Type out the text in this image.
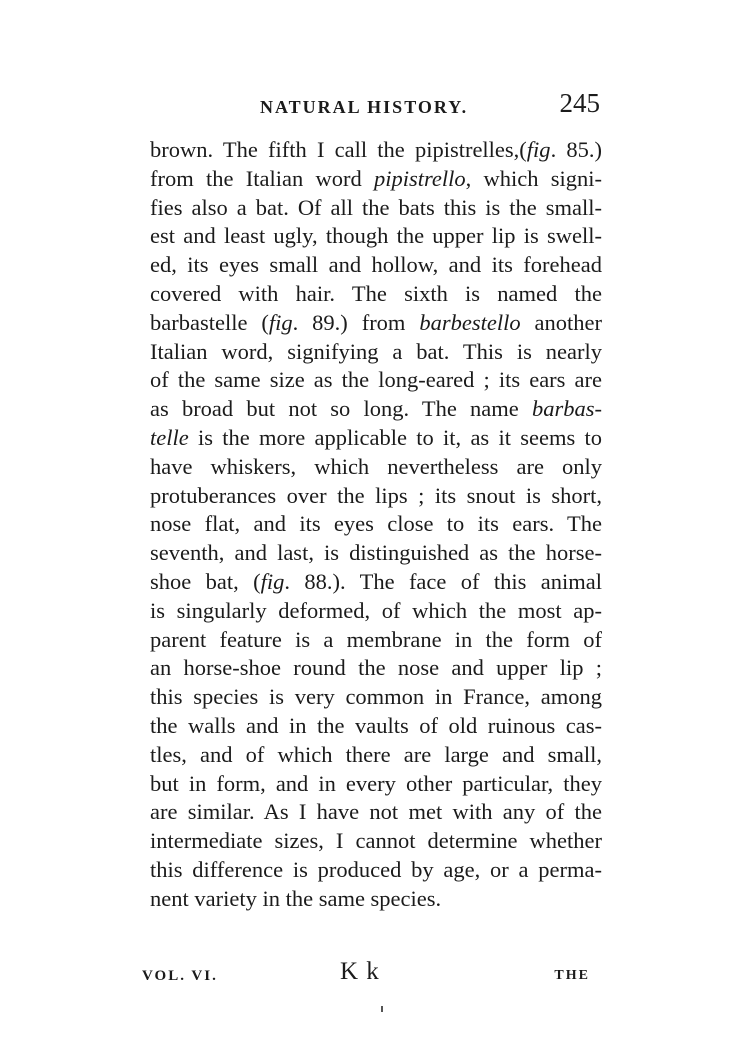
NATURAL HISTORY.	245
brown. The fifth I call the pipistrelles,(fig. 85.)
from the Italian word pipistrello, which signi-
fies also a bat. Of all the bats this is the small-
est and least ugly, though the upper lip is swell-
ed, its eyes small and hollow, and its forehead
covered with hair. The sixth is named the
barbastelle (fig. 89.) from barbestello another
Italian word, signifying a bat. This is nearly
of the same size as the long-eared ; its ears are
as broad but not so long. The name barbas-
telle is the more applicable to it, as it seems to
have whiskers, which nevertheless are only
protuberances over the lips ; its snout is short,
nose flat, and its eyes close to its ears. The
seventh, and last, is distinguished as the horse-
shoe bat, (fig. 88.). The face of this animal
is singularly deformed, of which the most ap-
parent feature is a membrane in the form of
an horse-shoe round the nose and upper lip ;
this species is very common in France, among
the walls and in the vaults of old ruinous cas-
tles, and of which there are large and small,
but in form, and in every other particular, they
are similar. As I have not met with any of the
intermediate sizes, I cannot determine whether
this difference is produced by age, or a perma-
nent variety in the same species.
VOL. VI.	K k	THE
